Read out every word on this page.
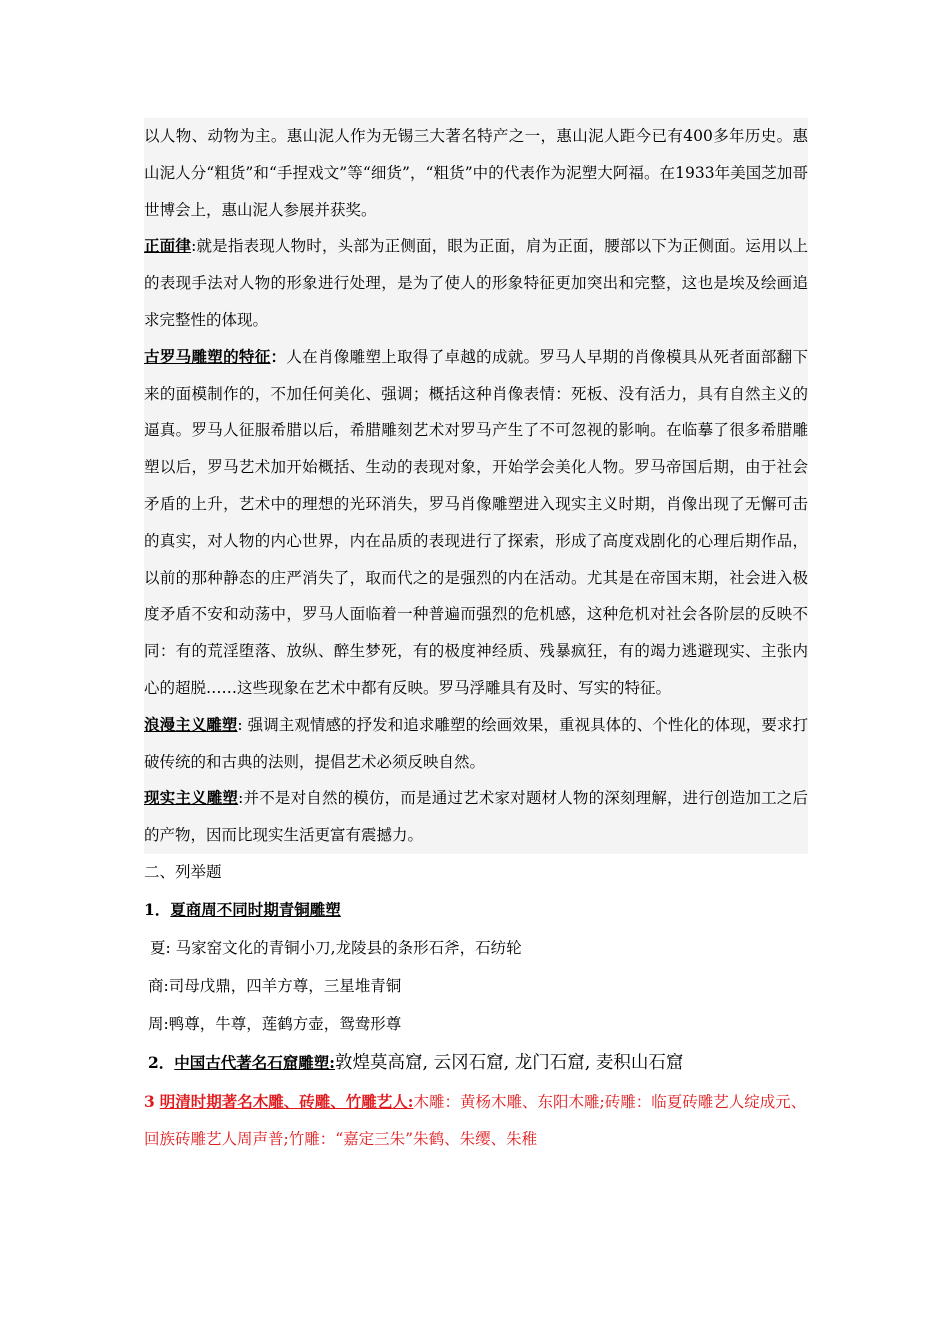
以人物、动物为主。惠山泥人作为无锡三大著名特产之一，惠山泥人距今已有400多年历史。惠山泥人分“粗货”和“手捏戏文”等“细货”，“粗货”中的代表作为泥塑大阿福。在1933年美国芝加哥世博会上，惠山泥人参展并获奖。

正面律:就是指表现人物时，头部为正侧面，眼为正面，肩为正面，腰部以下为正侧面。运用以上的表现手法对人物的形象进行处理，是为了使人的形象特征更加突出和完整，这也是埃及绘画追求完整性的体现。

古罗马雕塑的特征：人在肖像雕塑上取得了卓越的成就。罗马人早期的肖像模具从死者面部翻下来的面模制作的，不加任何美化、强调；概括这种肖像表情：死板、没有活力，具有自然主义的逼真。罗马人征服希腊以后，希腊雕刻艺术对罗马产生了不可忽视的影响。在临摹了很多希腊雕塑以后，罗马艺术加开始概括、生动的表现对象，开始学会美化人物。罗马帝国后期，由于社会矛盾的上升，艺术中的理想的光环消失，罗马肖像雕塑进入现实主义时期，肖像出现了无懈可击的真实，对人物的内心世界，内在品质的表现进行了探索，形成了高度戏剧化的心理后期作品，以前的那种静态的庄严消失了，取而代之的是强烈的内在活动。尤其是在帝国末期，社会进入极度矛盾不安和动荡中，罗马人面临着一种普遍而强烈的危机感，这种危机对社会各阶层的反映不同：有的荒淫堕落、放纵、醉生梦死，有的极度神经质、残暴疯狂，有的竭力逃避现实、主张内心的超脱……这些现象在艺术中都有反映。罗马浮雕具有及时、写实的特征。

浪漫主义雕塑: 强调主观情感的抒发和追求雕塑的绘画效果，重视具体的、个性化的体现，要求打破传统的和古典的法则，提倡艺术必须反映自然。

现实主义雕塑:并不是对自然的模仿，而是通过艺术家对题材人物的深刻理解，进行创造加工之后的产物，因而比现实生活更富有震撼力。

二、列举题

1．夏商周不同时期青铜雕塑

夏: 马家窑文化的青铜小刀,龙陵县的条形石斧，石纺轮

商:司母戊鼎，四羊方尊，三星堆青铜

周:鸭尊，牛尊，莲鹤方壶，鸳鸯形尊

2．中国古代著名石窟雕塑:敦煌莫高窟, 云冈石窟, 龙门石窟, 麦积山石窟

3 明清时期著名木雕、砖雕、竹雕艺人:木雕：黄杨木雕、东阳木雕;砖雕：临夏砖雕艺人绽成元、回族砖雕艺人周声普;竹雕：“嘉定三朱”朱鹤、朱缨、朱稚
